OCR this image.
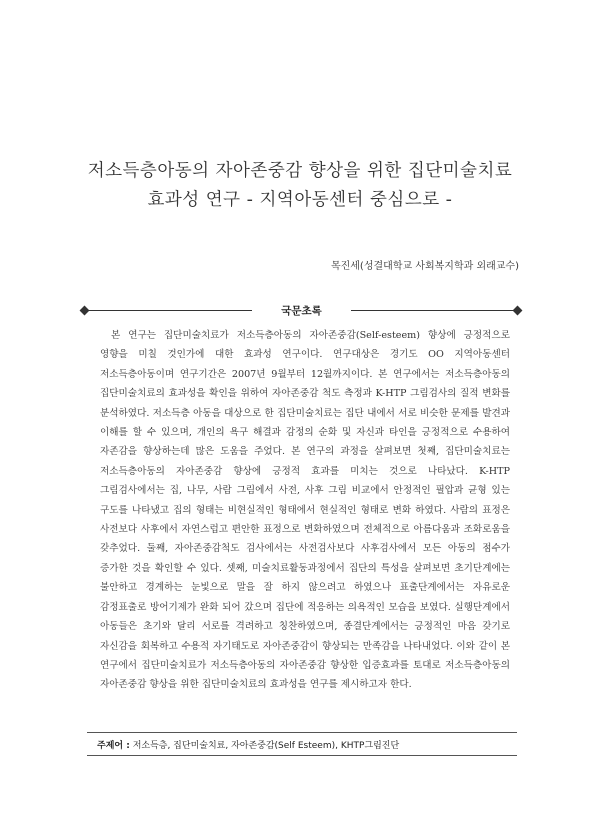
저소득층아동의 자아존중감 향상을 위한 집단미술치료
효과성 연구 - 지역아동센터 중심으로 -
목진세(성결대학교 사회복지학과 외래교수)
국문초록

본 연구는 집단미술치료가 저소득층아동의 자아존중감(Self-esteem) 향상에 긍정적으로 영향을 미칠 것인가에 대한 효과성 연구이다. 연구대상은 경기도 OO 지역아동센터 저소득층아동이며 연구기간은 2007년 9월부터 12월까지이다. 본 연구에서는 저소득층아동의 집단미술치료의 효과성을 확인을 위하여 자아존중감 척도 측정과 K-HTP 그림검사의 질적 변화를 분석하였다. 저소득층 아동을 대상으로 한 집단미술치료는 집단 내에서 서로 비슷한 문제를 발견과 이해를 할 수 있으며, 개인의 욕구 해결과 감정의 순화 및 자신과 타인을 긍정적으로 수용하여 자존감을 향상하는데 많은 도움을 주었다. 본 연구의 과정을 살펴보면 첫째, 집단미술치료는 저소득층아동의 자아존중감 향상에 긍정적 효과를 미치는 것으로 나타났다. K-HTP 그림검사에서는 집, 나무, 사람 그림에서 사전, 사후 그림 비교에서 안정적인 필압과 균형 있는 구도를 나타냈고 집의 형태는 비현실적인 형태에서 현실적인 형태로 변화 하였다. 사람의 표정은 사전보다 사후에서 자연스럽고 편안한 표정으로 변화하였으며 전체적으로 아름다움과 조화로움을 갖추었다. 둘째, 자아존중감척도 검사에서는 사전검사보다 사후검사에서 모든 아동의 점수가 증가한 것을 확인할 수 있다. 셋째, 미술치료활동과정에서 집단의 특성을 살펴보면 초기단계에는 불안하고 경계하는 눈빛으로 말을 잘 하지 않으려고 하였으나 표출단계에서는 자유로운 감정표출로 방어기제가 완화 되어 갔으며 집단에 적응하는 의욕적인 모습을 보였다. 실행단계에서 아동들은 초기와 달리 서로를 격려하고 칭찬하였으며, 종결단계에서는 긍정적인 마음 갖기로 자신감을 회복하고 수용적 자기태도로 자아존중감이 향상되는 만족감을 나타내었다. 이와 같이 본 연구에서 집단미술치료가 저소득층아동의 자아존중감 향상한 입증효과를 토대로 저소득층아동의 자아존중감 향상을 위한 집단미술치료의 효과성을 연구를 제시하고자 한다.

주제어 : 저소득층, 집단미술치료, 자아존중감(Self Esteem), KHTP그림진단
